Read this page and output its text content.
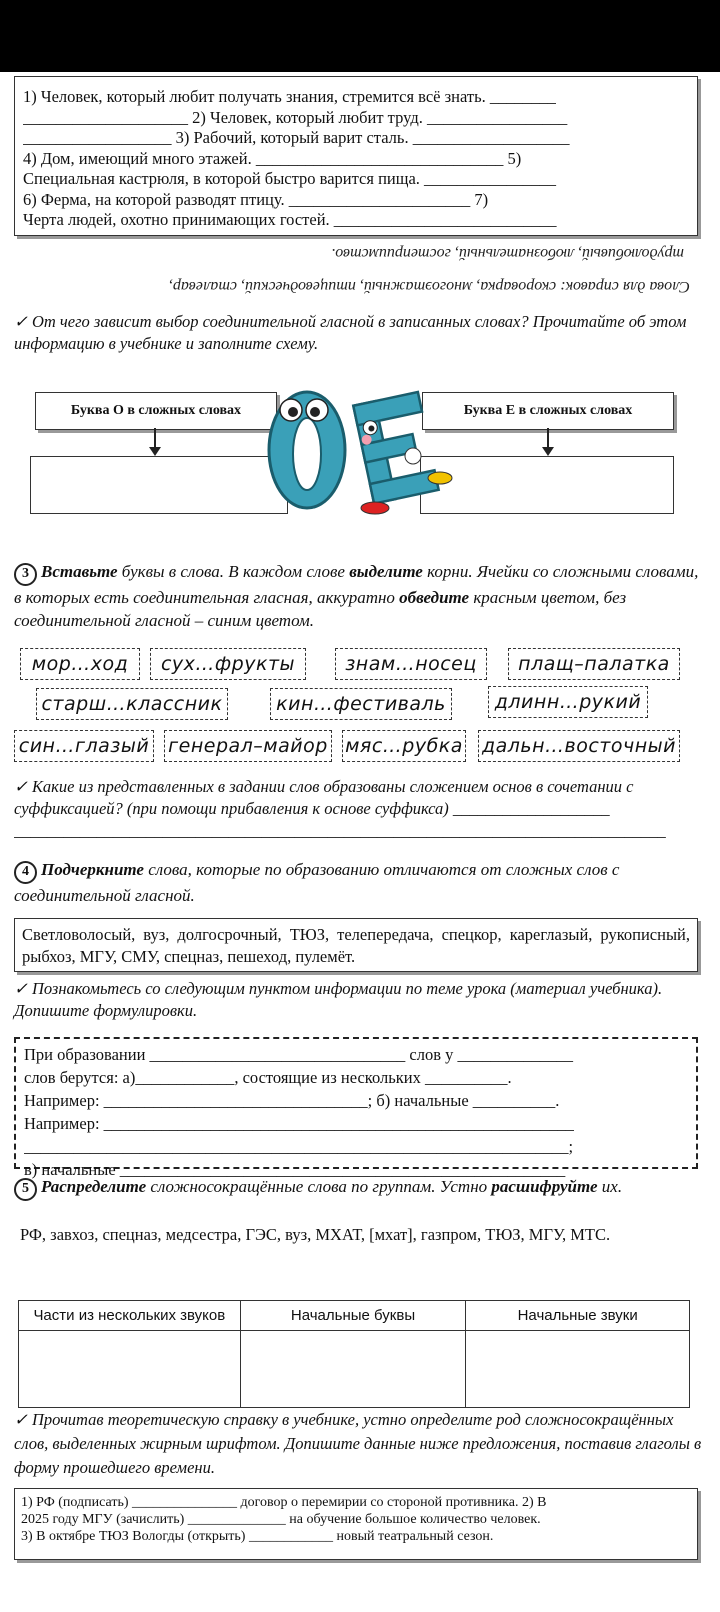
1) Человек, который любит получать знания, стремится всё знать. ________
____________________ 2) Человек, который любит труд. _________________
__________________ 3) Рабочий, который варит сталь. ___________________
4) Дом, имеющий много этажей. ______________________________ 5)
Специальная кастрюля, в которой быстро варится пища. ________________
6) Ферма, на которой разводят птицу. ______________________ 7)
Черта людей, охотно принимающих гостей. ___________________________
трудолюбивый, любознательный, гостеприимство.
Слова для справок: скороварка, многоэтажный, птицеводческий, сталевар,
✓ От чего зависит выбор соединительной гласной в записанных словах? Прочитайте об этом информацию в учебнике и заполните схему.
Буква О в сложных словах	Буква Е в сложных словах
3 Вставьте буквы в слова. В каждом слове выделите корни. Ячейки со сложными словами, в которых есть соединительная гласная, аккуратно обведите красным цветом, без соединительной гласной – синим цветом.
мор…ход	сух…фрукты	знам…носец	плащ–палатка
старш…классник	кин…фестиваль	длинн…рукий
син…глазый генерал–майор мяс…рубка дальн…восточный
✓ Какие из представленных в задании слов образованы сложением основ в сочетании с суффиксацией? (при помощи прибавления к основе суффикса) ___________________
_______________________________________________________________________________
4 Подчеркните слова, которые по образованию отличаются от сложных слов с соединительной гласной.
Светловолосый, вуз, долгосрочный, ТЮЗ, телепередача, спецкор, кареглазый, рукописный, рыбхоз, МГУ, СМУ, спецназ, пешеход, пулемёт.
✓ Познакомьтесь со следующим пунктом информации по теме урока (материал учебника). Допишите формулировки.
При образовании _______________________________ слов у ______________
слов берутся: а)____________, состоящие из нескольких __________.
Например: ________________________________; б) начальные __________.
Например: _________________________________________________________
__________________________________________________________________;
в) начальные ______________________________________________________
5 Распределите сложносокращённые слова по группам. Устно расшифруйте их.
РФ, завхоз, спецназ, медсестра, ГЭС, вуз, МХАТ, [мхат], газпром, ТЮЗ, МГУ, МТС.
Части из нескольких звуков	Начальные буквы	Начальные звуки

✓ Прочитав теоретическую справку в учебнике, устно определите род сложносокращённых слов, выделенных жирным шрифтом. Допишите данные ниже предложения, поставив глаголы в форму прошедшего времени.
1) РФ (подписать) _______________ договор о перемирии со стороной противника. 2) В
2025 году МГУ (зачислить) ______________ на обучение большое количество человек.
3) В октябре ТЮЗ Вологды (открыть) ____________ новый театральный сезон.
